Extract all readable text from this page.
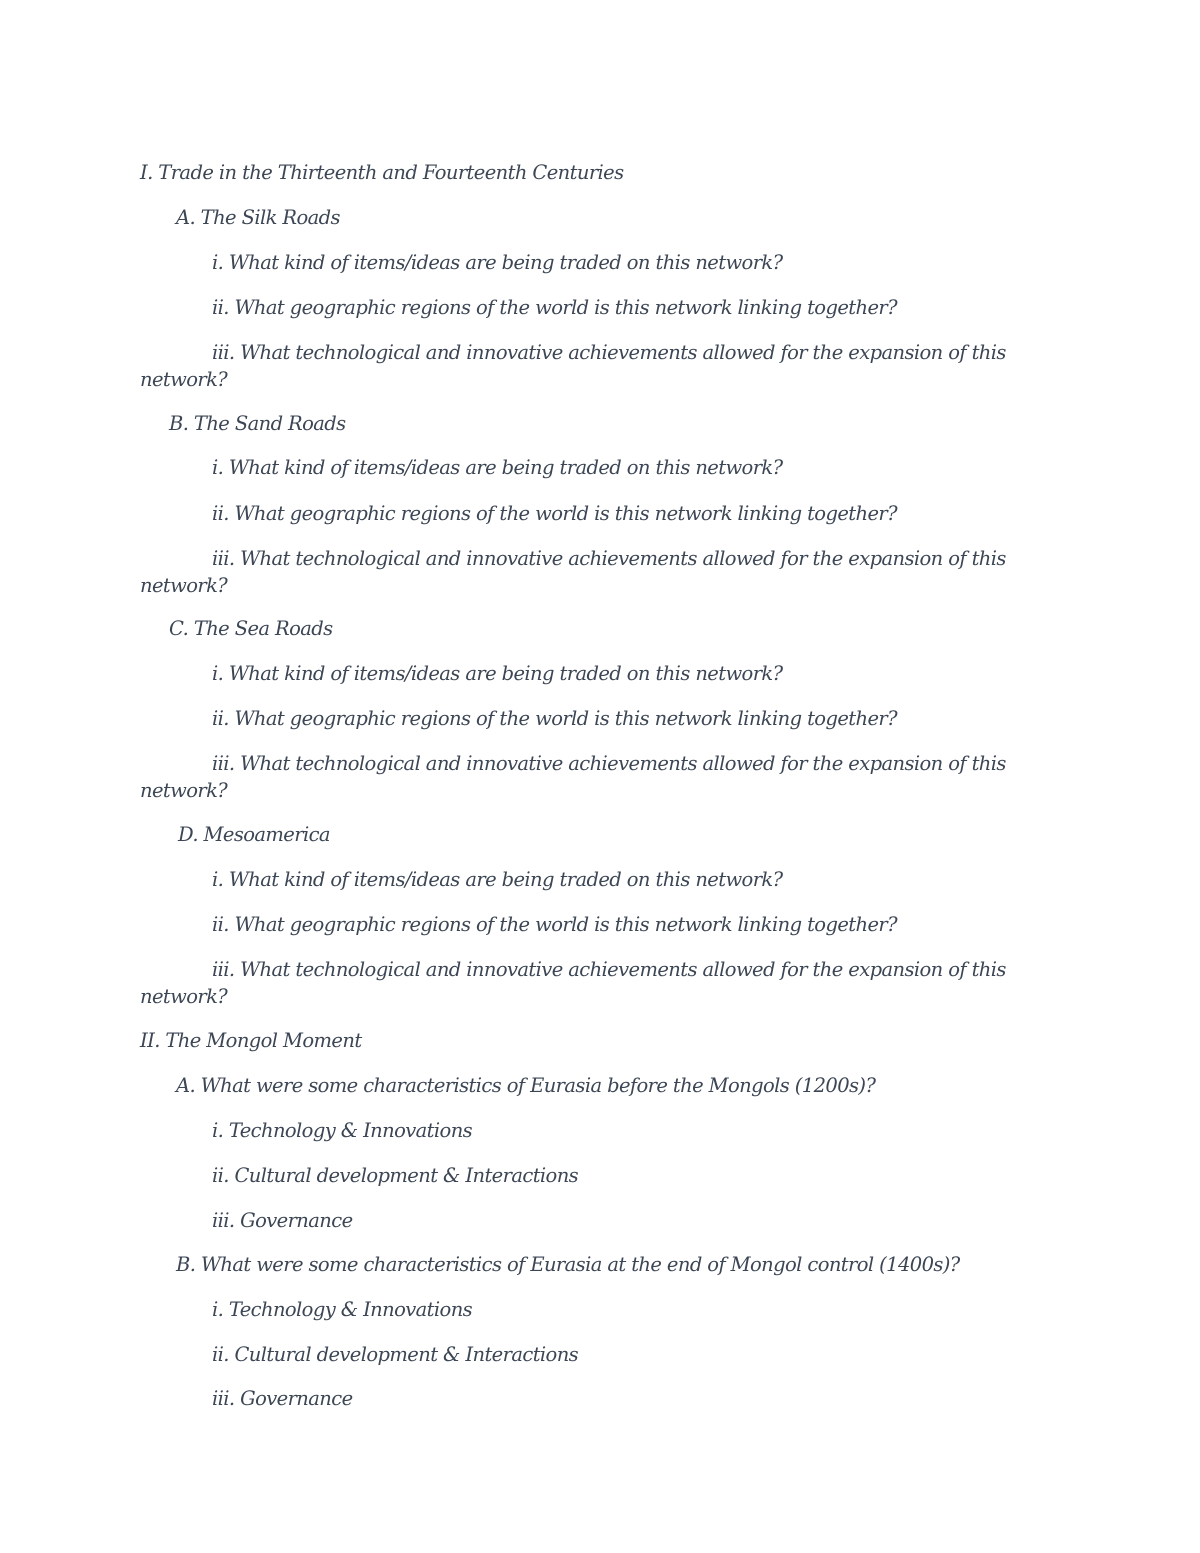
I. Trade in the Thirteenth and Fourteenth Centuries
A. The Silk Roads
i. What kind of items/ideas are being traded on this network?
ii. What geographic regions of the world is this network linking together?
iii. What technological and innovative achievements allowed for the expansion of this network?
B. The Sand Roads
i. What kind of items/ideas are being traded on this network?
ii. What geographic regions of the world is this network linking together?
iii. What technological and innovative achievements allowed for the expansion of this network?
C. The Sea Roads
i. What kind of items/ideas are being traded on this network?
ii. What geographic regions of the world is this network linking together?
iii. What technological and innovative achievements allowed for the expansion of this network?
D. Mesoamerica
i. What kind of items/ideas are being traded on this network?
ii. What geographic regions of the world is this network linking together?
iii. What technological and innovative achievements allowed for the expansion of this network?
II. The Mongol Moment
A. What were some characteristics of Eurasia before the Mongols (1200s)?
i. Technology & Innovations
ii. Cultural development & Interactions
iii. Governance
B. What were some characteristics of Eurasia at the end of Mongol control (1400s)?
i. Technology & Innovations
ii. Cultural development & Interactions
iii. Governance
